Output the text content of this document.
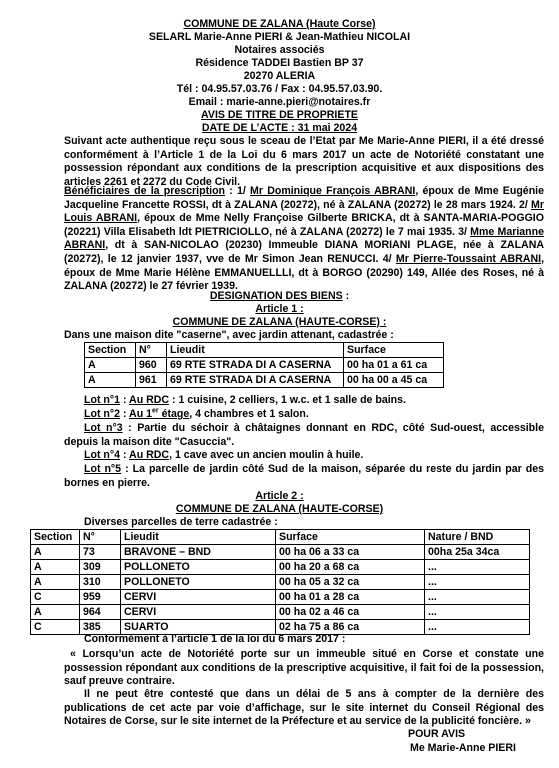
COMMUNE DE ZALANA (Haute Corse)
SELARL Marie-Anne PIERI & Jean-Mathieu NICOLAI
Notaires associés
Résidence TADDEI Bastien BP 37
20270 ALERIA
Tél : 04.95.57.03.76 / Fax : 04.95.57.03.90.
Email : marie-anne.pieri@notaires.fr
AVIS DE TITRE DE PROPRIETE
DATE DE L’ACTE : 31 mai 2024
Suivant acte authentique reçu sous le sceau de l’Etat par Me Marie-Anne PIERI, il a été dressé conformément à l’Article 1 de la Loi du 6 mars 2017 un acte de Notoriété constatant une possession répondant aux conditions de la prescription acquisitive et aux dispositions des articles 2261 et 2272 du Code Civil.
Bénéficiaires de la prescription : 1/ Mr Dominique François ABRANI, époux de Mme Eugénie Jacqueline Francette ROSSI, dt à ZALANA (20272), né à ZALANA (20272) le 28 mars 1924. 2/ Mr Louis ABRANI, époux de Mme Nelly Françoise Gilberte BRICKA, dt à SANTA-MARIA-POGGIO (20221) Villa Elisabeth ldt PIETRICIOLLO, né à ZALANA (20272) le 7 mai 1935. 3/ Mme Marianne ABRANI, dt à SAN-NICOLAO (20230) Immeuble DIANA MORIANI PLAGE, née à ZALANA (20272), le 12 janvier 1937, vve de Mr Simon Jean RENUCCI. 4/ Mr Pierre-Toussaint ABRANI, époux de Mme Marie Hélène EMMANUELLLI, dt à BORGO (20290) 149, Allée des Roses, né à ZALANA (20272) le 27 février 1939.
DESIGNATION DES BIENS :
Article 1 :
COMMUNE DE ZALANA (HAUTE-CORSE) :
Dans une maison dite "caserne", avec jardin attenant, cadastrée :
Section	N°	Lieudit	Surface
A	960	69 RTE STRADA DI A CASERNA	00 ha 01 a 61 ca
A	961	69 RTE STRADA DI A CASERNA	00 ha 00 a 45 ca
Lot n°1 : Au RDC : 1 cuisine, 2 celliers, 1 w.c. et 1 salle de bains.
Lot n°2 : Au 1er étage, 4 chambres et 1 salon.
Lot n°3 : Partie du séchoir à châtaignes donnant en RDC, côté Sud-ouest, accessible depuis la maison dite "Casuccia".
Lot n°4 : Au RDC, 1 cave avec un ancien moulin à huile.
Lot n°5 : La parcelle de jardin côté Sud de la maison, séparée du reste du jardin par des bornes en pierre.
Article 2 :
COMMUNE DE ZALANA (HAUTE-CORSE)
Diverses parcelles de terre cadastrée :
Section	N°	Lieudit	Surface	Nature / BND
A	73	BRAVONE – BND	00 ha 06 a 33 ca	00ha 25a 34ca
A	309	POLLONETO	00 ha 20 a 68 ca	...
A	310	POLLONETO	00 ha 05 a 32 ca	...
C	959	CERVI	00 ha 01 a 28 ca	...
A	964	CERVI	00 ha 02 a 46 ca	...
C	385	SUARTO	02 ha 75 a 86 ca	...
Conformément à l’article 1 de la loi du 6 mars 2017 :
« Lorsqu’un acte de Notoriété porte sur un immeuble situé en Corse et constate une possession répondant aux conditions de la prescriptive acquisitive, il fait foi de la possession, sauf preuve contraire.
Il ne peut être contesté que dans un délai de 5 ans à compter de la dernière des publications de cet acte par voie d’affichage, sur le site internet du Conseil Régional des Notaires de Corse, sur le site internet de la Préfecture et au service de la publicité foncière. »
POUR AVIS
Me Marie-Anne PIERI
